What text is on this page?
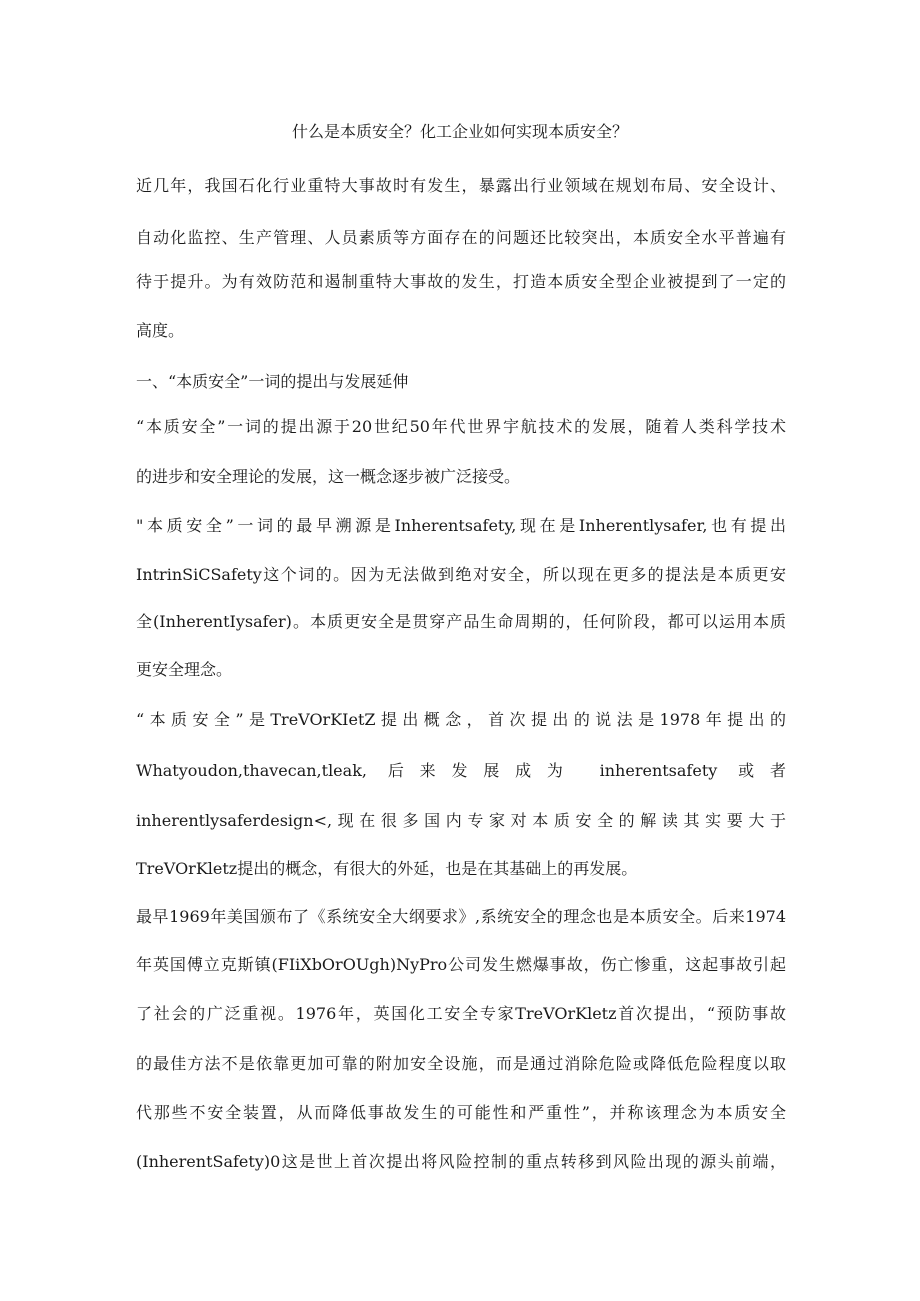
什么是本质安全？化工企业如何实现本质安全？

近几年，我国石化行业重特大事故时有发生，暴露出行业领域在规划布局、安全设计、

自动化监控、生产管理、人员素质等方面存在的问题还比较突出，本质安全水平普遍有

待于提升。为有效防范和遏制重特大事故的发生，打造本质安全型企业被提到了一定的

高度。

一、“本质安全”一词的提出与发展延伸

“本质安全”一词的提出源于20世纪50年代世界宇航技术的发展，随着人类科学技术

的进步和安全理论的发展，这一概念逐步被广泛接受。

"本质安全”一词的最早溯源是Inherentsafety,现在是Inherentlysafer,也有提出

IntrinSiCSafety这个词的。因为无法做到绝对安全，所以现在更多的提法是本质更安

全(InherentIysafer)。本质更安全是贯穿产品生命周期的，任何阶段，都可以运用本质

更安全理念。

“本质安全”是TreVOrKIetZ提出概念，首次提出的说法是1978年提出的

Whatyoudon,thavecan,tleak, 后来发展成为 inherentsafety 或者

inherentlysaferdesign<,现在很多国内专家对本质安全的解读其实要大于

TreVOrKletz提出的概念，有很大的外延，也是在其基础上的再发展。

最早1969年美国颁布了《系统安全大纲要求》,系统安全的理念也是本质安全。后来1974

年英国傅立克斯镇(FIiXbOrOUgh)NyPro公司发生燃爆事故，伤亡惨重，这起事故引起

了社会的广泛重视。1976年，英国化工安全专家TreVOrKletz首次提出，“预防事故

的最佳方法不是依靠更加可靠的附加安全设施，而是通过消除危险或降低危险程度以取

代那些不安全装置，从而降低事故发生的可能性和严重性”，并称该理念为本质安全

(InherentSafety)0这是世上首次提出将风险控制的重点转移到风险出现的源头前端，
